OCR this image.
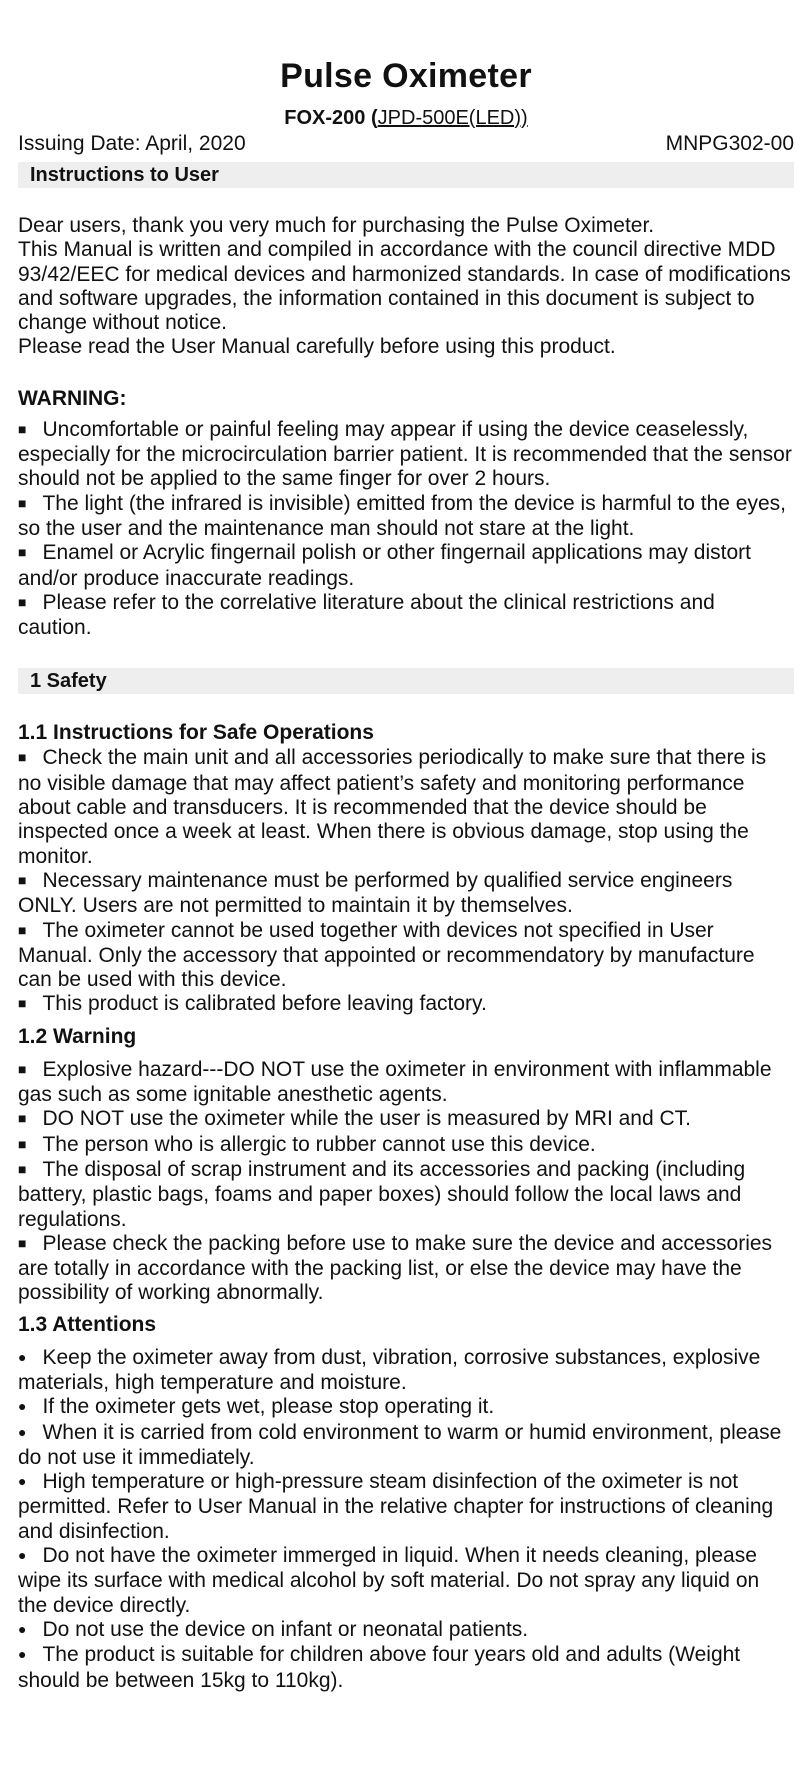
Pulse Oximeter
FOX-200 (JPD-500E(LED))
Issuing Date: April, 2020	MNPG302-00
Instructions to User

Dear users, thank you very much for purchasing the Pulse Oximeter.

This Manual is written and compiled in accordance with the council directive MDD 93/42/EEC for medical devices and harmonized standards. In case of modifications and software upgrades, the information contained in this document is subject to change without notice.

Please read the User Manual carefully before using this product.

WARNING:
■ Uncomfortable or painful feeling may appear if using the device ceaselessly, especially for the microcirculation barrier patient. It is recommended that the sensor should not be applied to the same finger for over 2 hours.
■ The light (the infrared is invisible) emitted from the device is harmful to the eyes, so the user and the maintenance man should not stare at the light.
■ Enamel or Acrylic fingernail polish or other fingernail applications may distort and/or produce inaccurate readings.
■ Please refer to the correlative literature about the clinical restrictions and caution.
1 Safety
1.1 Instructions for Safe Operations
■ Check the main unit and all accessories periodically to make sure that there is no visible damage that may affect patient’s safety and monitoring performance about cable and transducers. It is recommended that the device should be inspected once a week at least. When there is obvious damage, stop using the monitor.
■ Necessary maintenance must be performed by qualified service engineers ONLY. Users are not permitted to maintain it by themselves.
■ The oximeter cannot be used together with devices not specified in User Manual. Only the accessory that appointed or recommendatory by manufacture can be used with this device.
■ This product is calibrated before leaving factory.
1.2 Warning
■ Explosive hazard---DO NOT use the oximeter in environment with inflammable gas such as some ignitable anesthetic agents.
■ DO NOT use the oximeter while the user is measured by MRI and CT.
■ The person who is allergic to rubber cannot use this device.
■ The disposal of scrap instrument and its accessories and packing (including battery, plastic bags, foams and paper boxes) should follow the local laws and regulations.
■ Please check the packing before use to make sure the device and accessories are totally in accordance with the packing list, or else the device may have the possibility of working abnormally.
1.3 Attentions
● Keep the oximeter away from dust, vibration, corrosive substances, explosive materials, high temperature and moisture.
● If the oximeter gets wet, please stop operating it.
● When it is carried from cold environment to warm or humid environment, please do not use it immediately.
● High temperature or high-pressure steam disinfection of the oximeter is not permitted. Refer to User Manual in the relative chapter for instructions of cleaning and disinfection.
● Do not have the oximeter immerged in liquid. When it needs cleaning, please wipe its surface with medical alcohol by soft material. Do not spray any liquid on the device directly.
● Do not use the device on infant or neonatal patients.
● The product is suitable for children above four years old and adults (Weight should be between 15kg to 110kg).
